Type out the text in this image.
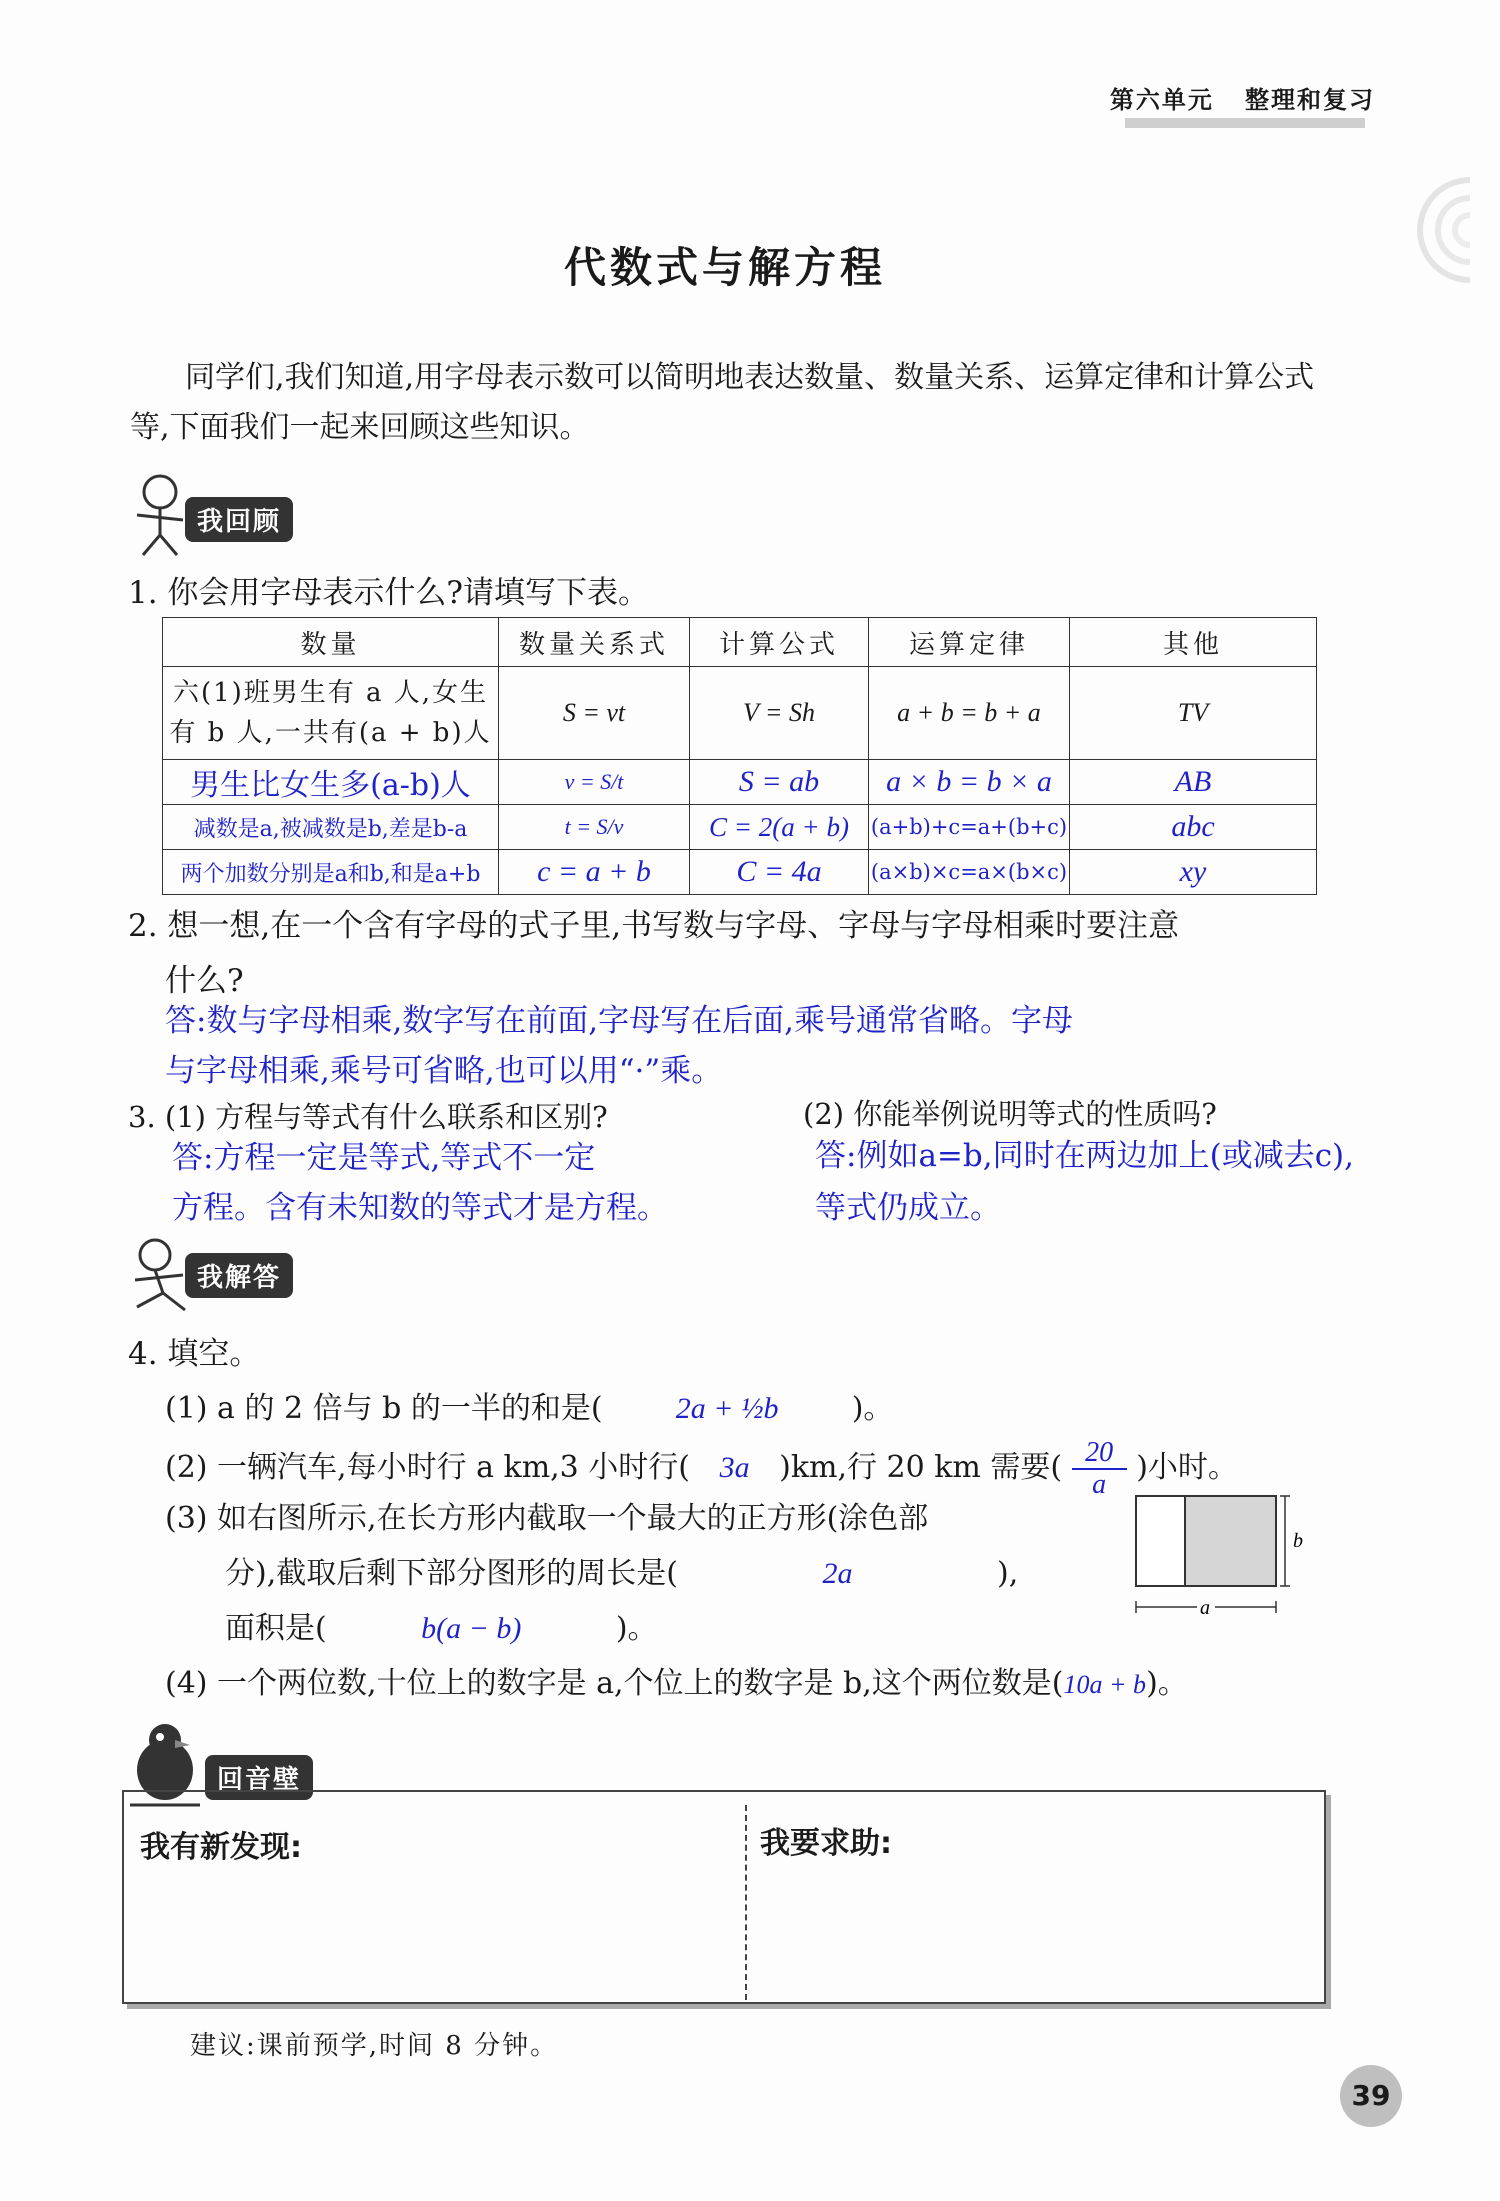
第六单元 整理和复习
代数式与解方程
同学们,我们知道,用字母表示数可以简明地表达数量、数量关系、运算定律和计算公式
等,下面我们一起来回顾这些知识。
我回顾
1. 你会用字母表示什么?请填写下表。
数量	数量关系式	计算公式	运算定律	其他

六(1)班男生有 a 人,女生
有 b 人,一共有(a + b)人	S = vt	V = Sh	a + b = b + a	TV
男生比女生多(a-b)人	v = S/t	S = ab	a × b = b × a	AB
减数是a,被减数是b,差是b-a	t = S/v	C = 2(a + b)	(a+b)+c=a+(b+c)	abc
两个加数分别是a和b,和是a+b	c = a + b	C = 4a	(a×b)×c=a×(b×c)	xy
2. 想一想,在一个含有字母的式子里,书写数与字母、字母与字母相乘时要注意
什么?
答:数与字母相乘,数字写在前面,字母写在后面,乘号通常省略。字母
与字母相乘,乘号可省略,也可以用“·”乘。
3. (1) 方程与等式有什么联系和区别?	(2) 你能举例说明等式的性质吗?
答:方程一定是等式,等式不一定
方程。含有未知数的等式才是方程。
答:例如a=b,同时在两边加上(或减去c),
等式仍成立。
我解答
4. 填空。
(1) a 的 2 倍与 b 的一半的和是( 2a + ½b )。
(2) 一辆汽车,每小时行 a km,3 小时行( 3a )km,行 20 km 需要( $\frac{20}{a}$ )小时。
(3) 如右图所示,在长方形内截取一个最大的正方形(涂色部
分),截取后剩下部分图形的周长是(	2a	),
面积是(	b(a − b)	)。
b
a
(4) 一个两位数,十位上的数字是 a,个位上的数字是 b,这个两位数是(10a + b)。
回音壁
我有新发现:	我要求助:
建议:课前预学,时间 8 分钟。
39
